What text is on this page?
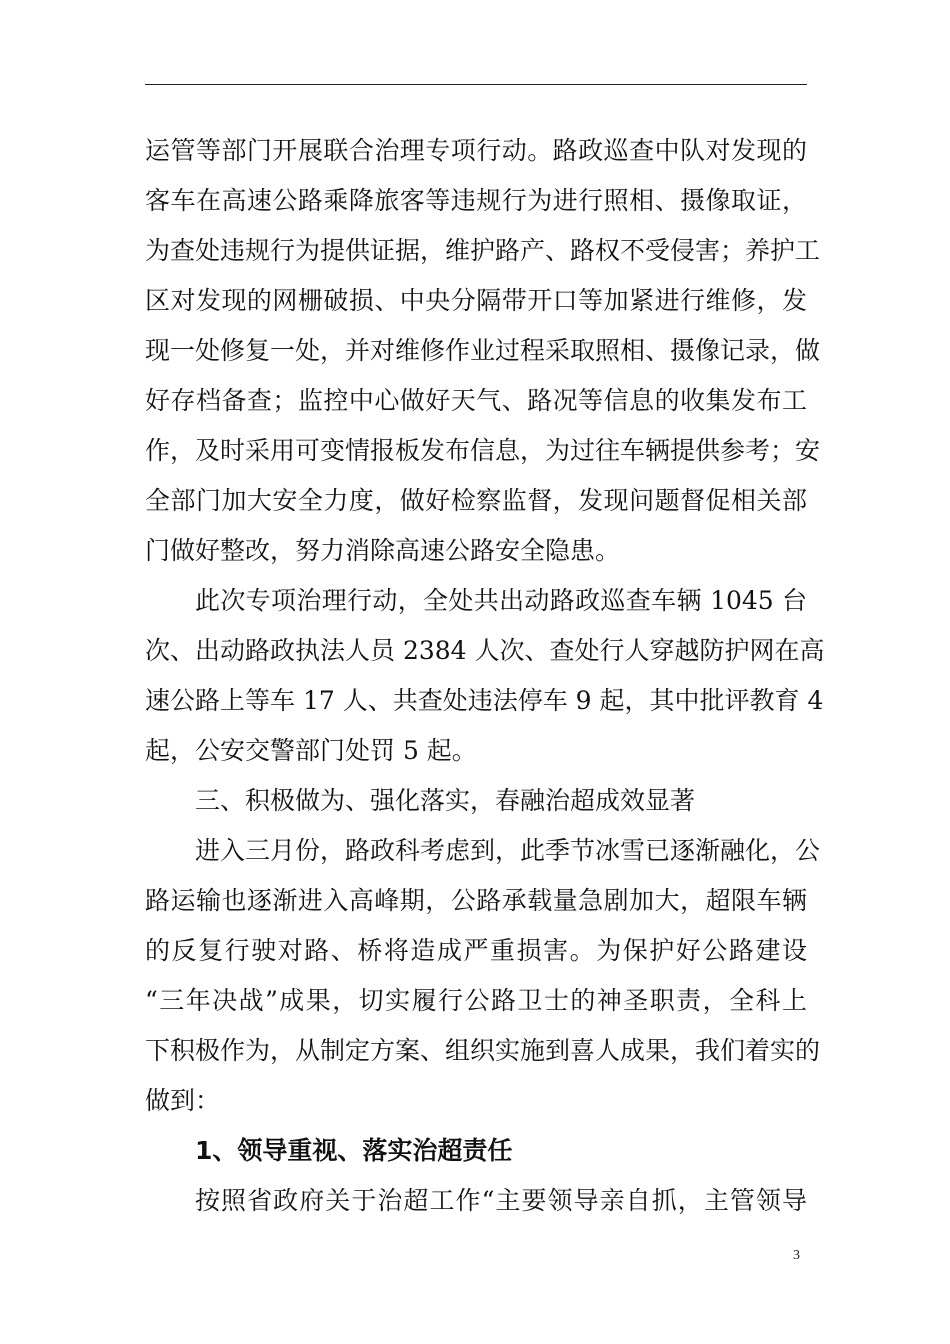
运管等部门开展联合治理专项行动。路政巡查中队对发现的
客车在高速公路乘降旅客等违规行为进行照相、摄像取证，
为查处违规行为提供证据，维护路产、路权不受侵害；养护工
区对发现的网栅破损、中央分隔带开口等加紧进行维修，发
现一处修复一处，并对维修作业过程采取照相、摄像记录，做
好存档备查；监控中心做好天气、路况等信息的收集发布工
作，及时采用可变情报板发布信息，为过往车辆提供参考；安
全部门加大安全力度，做好检察监督，发现问题督促相关部
门做好整改，努力消除高速公路安全隐患。
此次专项治理行动，全处共出动路政巡查车辆 1045 台
次、出动路政执法人员 2384 人次、查处行人穿越防护网在高
速公路上等车 17 人、共查处违法停车 9 起，其中批评教育 4
起，公安交警部门处罚 5 起。
三、积极做为、强化落实，春融治超成效显著
进入三月份，路政科考虑到，此季节冰雪已逐渐融化，公
路运输也逐渐进入高峰期，公路承载量急剧加大，超限车辆
的反复行驶对路、桥将造成严重损害。为保护好公路建设
“三年决战”成果，切实履行公路卫士的神圣职责，全科上
下积极作为，从制定方案、组织实施到喜人成果，我们着实的
做到：
1、领导重视、落实治超责任
按照省政府关于治超工作“主要领导亲自抓，主管领导
3
